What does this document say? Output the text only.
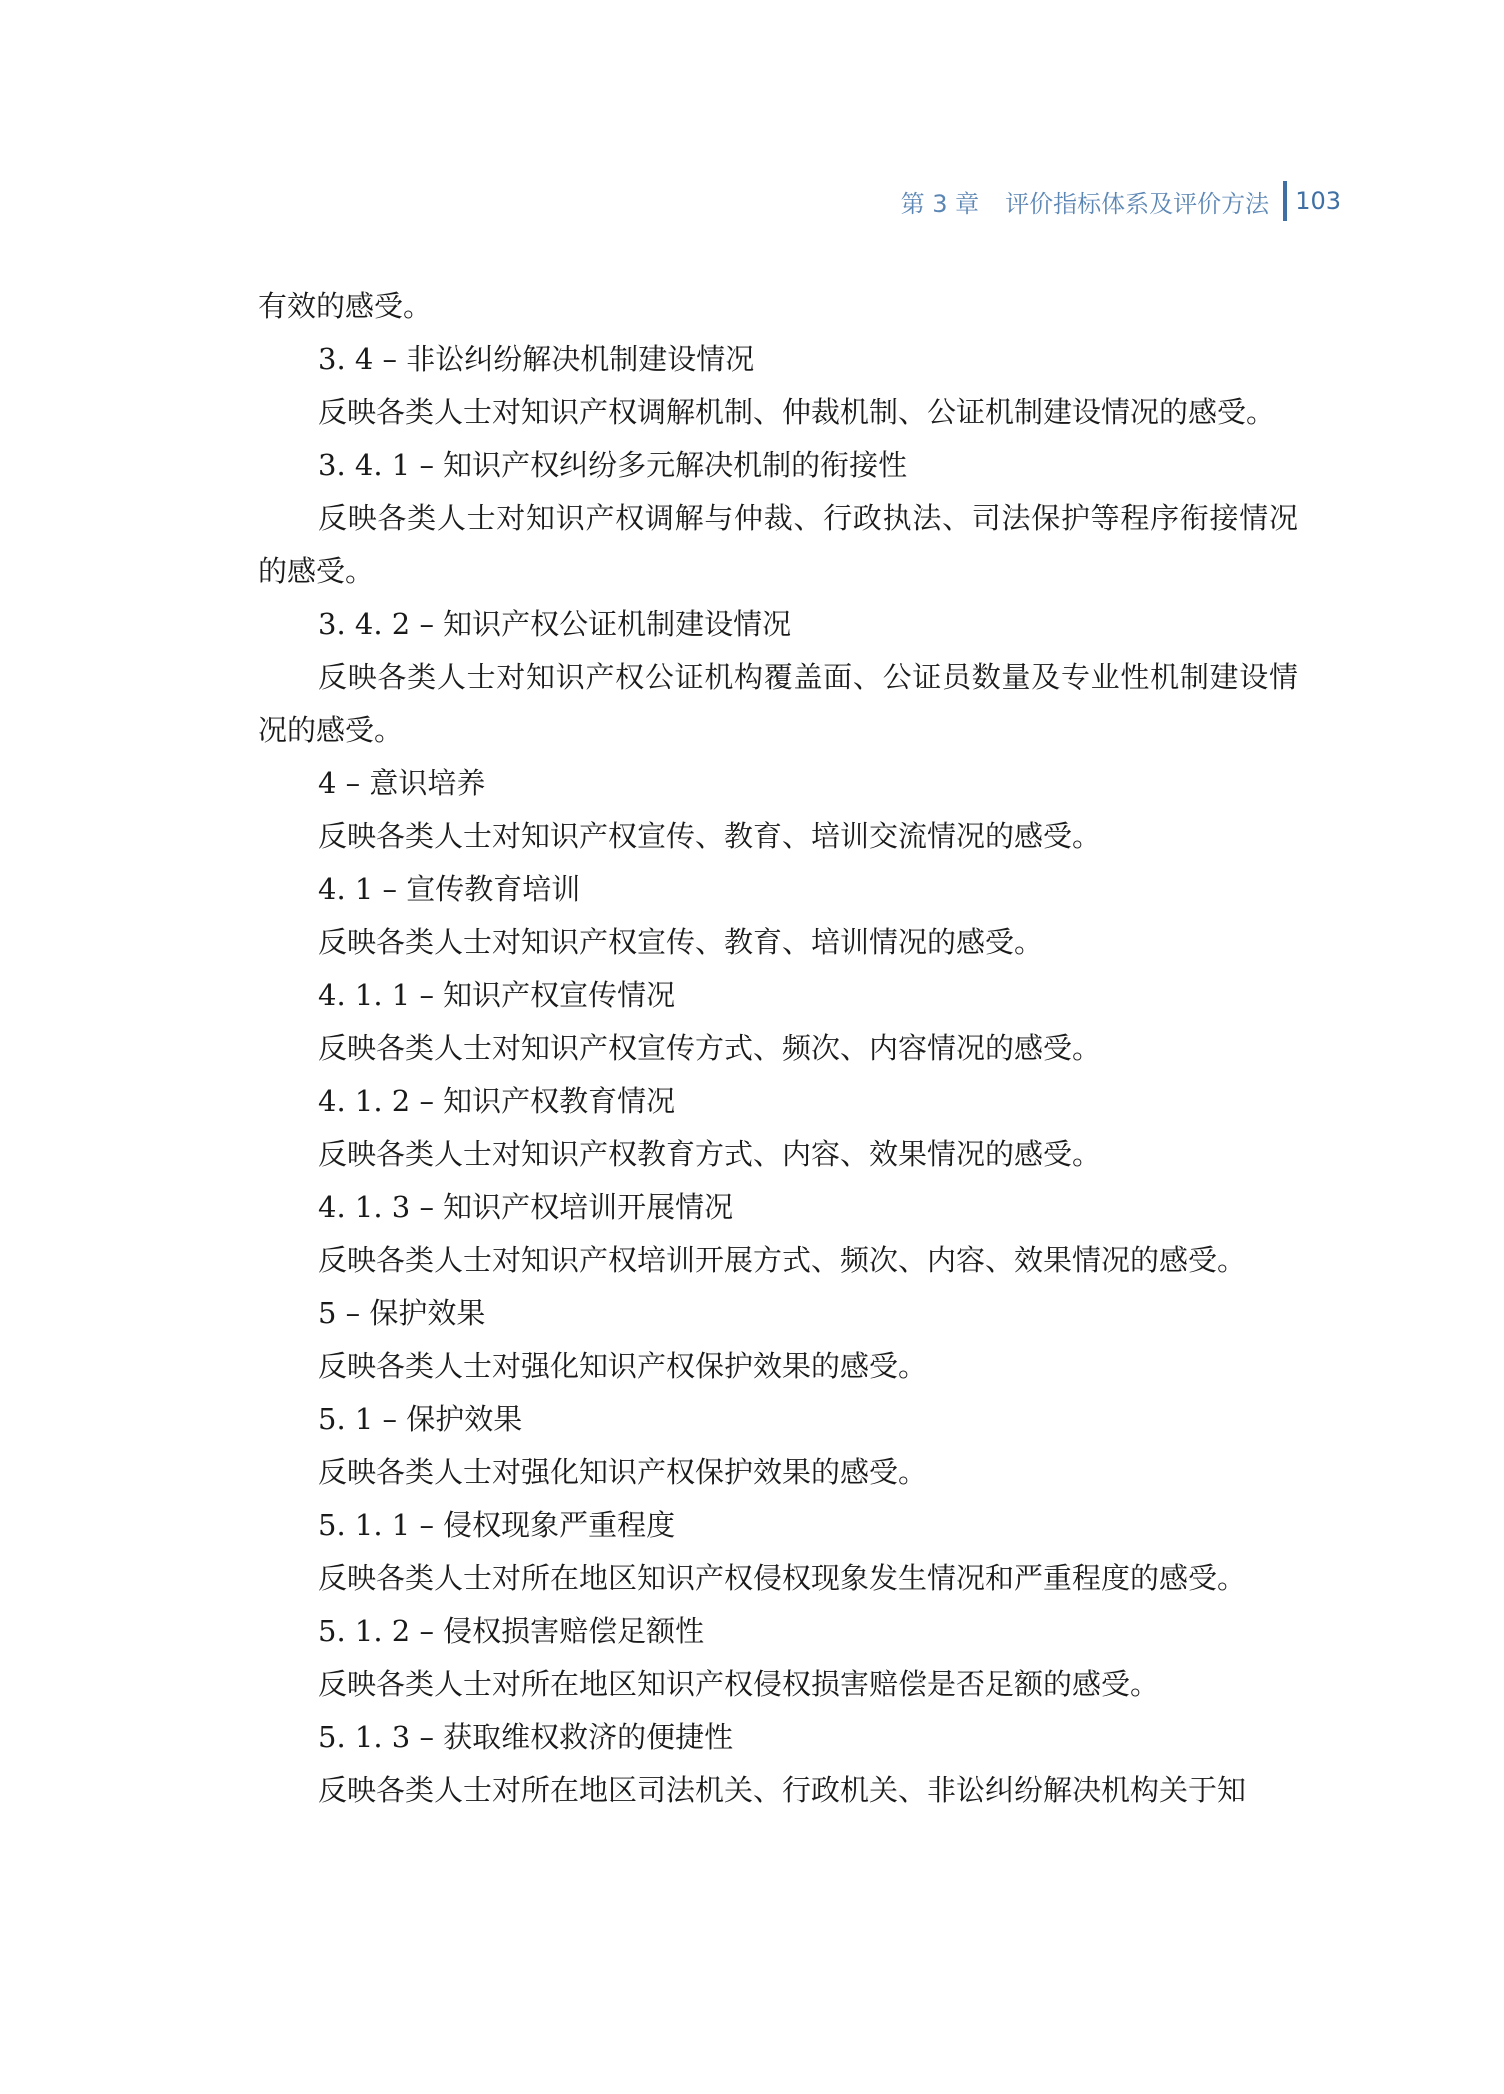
第 3 章 评价指标体系及评价方法 103

有效的感受。

3. 4 – 非讼纠纷解决机制建设情况

反映各类人士对知识产权调解机制、仲裁机制、公证机制建设情况的感受。

3. 4. 1 – 知识产权纠纷多元解决机制的衔接性

反映各类人士对知识产权调解与仲裁、行政执法、司法保护等程序衔接情况的感受。

3. 4. 2 – 知识产权公证机制建设情况

反映各类人士对知识产权公证机构覆盖面、公证员数量及专业性机制建设情况的感受。

4 – 意识培养

反映各类人士对知识产权宣传、教育、培训交流情况的感受。

4. 1 – 宣传教育培训

反映各类人士对知识产权宣传、教育、培训情况的感受。

4. 1. 1 – 知识产权宣传情况

反映各类人士对知识产权宣传方式、频次、内容情况的感受。

4. 1. 2 – 知识产权教育情况

反映各类人士对知识产权教育方式、内容、效果情况的感受。

4. 1. 3 – 知识产权培训开展情况

反映各类人士对知识产权培训开展方式、频次、内容、效果情况的感受。

5 – 保护效果

反映各类人士对强化知识产权保护效果的感受。

5. 1 – 保护效果

反映各类人士对强化知识产权保护效果的感受。

5. 1. 1 – 侵权现象严重程度

反映各类人士对所在地区知识产权侵权现象发生情况和严重程度的感受。

5. 1. 2 – 侵权损害赔偿足额性

反映各类人士对所在地区知识产权侵权损害赔偿是否足额的感受。

5. 1. 3 – 获取维权救济的便捷性

反映各类人士对所在地区司法机关、行政机关、非讼纠纷解决机构关于知
